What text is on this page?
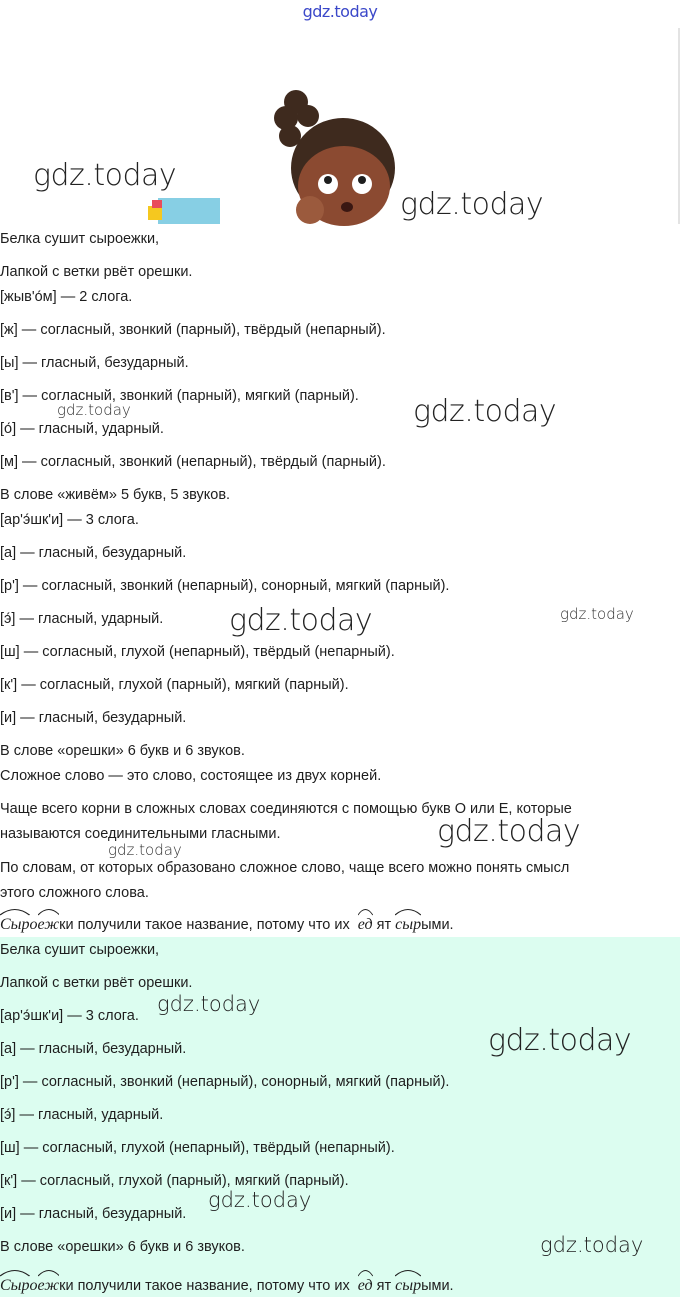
gdz.today
Белка сушит сыроежки,
Лапкой с ветки рвёт орешки.
[жыв'о́м] — 2 слога.
[ж] — согласный, звонкий (парный), твёрдый (непарный).
[ы] — гласный, безударный.
[в'] — согласный, звонкий (парный), мягкий (парный).
[о́] — гласный, ударный.
[м] — согласный, звонкий (непарный), твёрдый (парный).
В слове «живём» 5 букв, 5 звуков.
[ар'э́шк'и] — 3 слога.
[а] — гласный, безударный.
[р'] — согласный, звонкий (непарный), сонорный, мягкий (парный).
[э́] — гласный, ударный.
[ш] — согласный, глухой (непарный), твёрдый (непарный).
[к'] — согласный, глухой (парный), мягкий (парный).
[и] — гласный, безударный.
В слове «орешки» 6 букв и 6 звуков.
Сложное слово — это слово, состоящее из двух корней.
Чаще всего корни в сложных словах соединяются с помощью букв О или Е, которые
называются соединительными гласными.
По словам, от которых образовано сложное слово, чаще всего можно понять смысл
этого сложного слова.
Сыр
оеж
ки получили такое название, потому что их ед ят сыр
ыми.
Белка сушит сыроежки,
Лапкой с ветки рвёт орешки.
[ар'э́шк'и] — 3 слога.
[а] — гласный, безударный.
[р'] — согласный, звонкий (непарный), сонорный, мягкий (парный).
[э́] — гласный, ударный.
[ш] — согласный, глухой (непарный), твёрдый (непарный).
[к'] — согласный, глухой (парный), мягкий (парный).
[и] — гласный, безударный.
В слове «орешки» 6 букв и 6 звуков.
Сыр
оеж
ки получили такое название, потому что их ед ят сыр
ыми.
gdz.today
gdz.today
gdz.today	gdz.today
gdz.today	gdz.today
gdz.today
gdz.today
gdz.today
gdz.today
gdz.today
gdz.today
